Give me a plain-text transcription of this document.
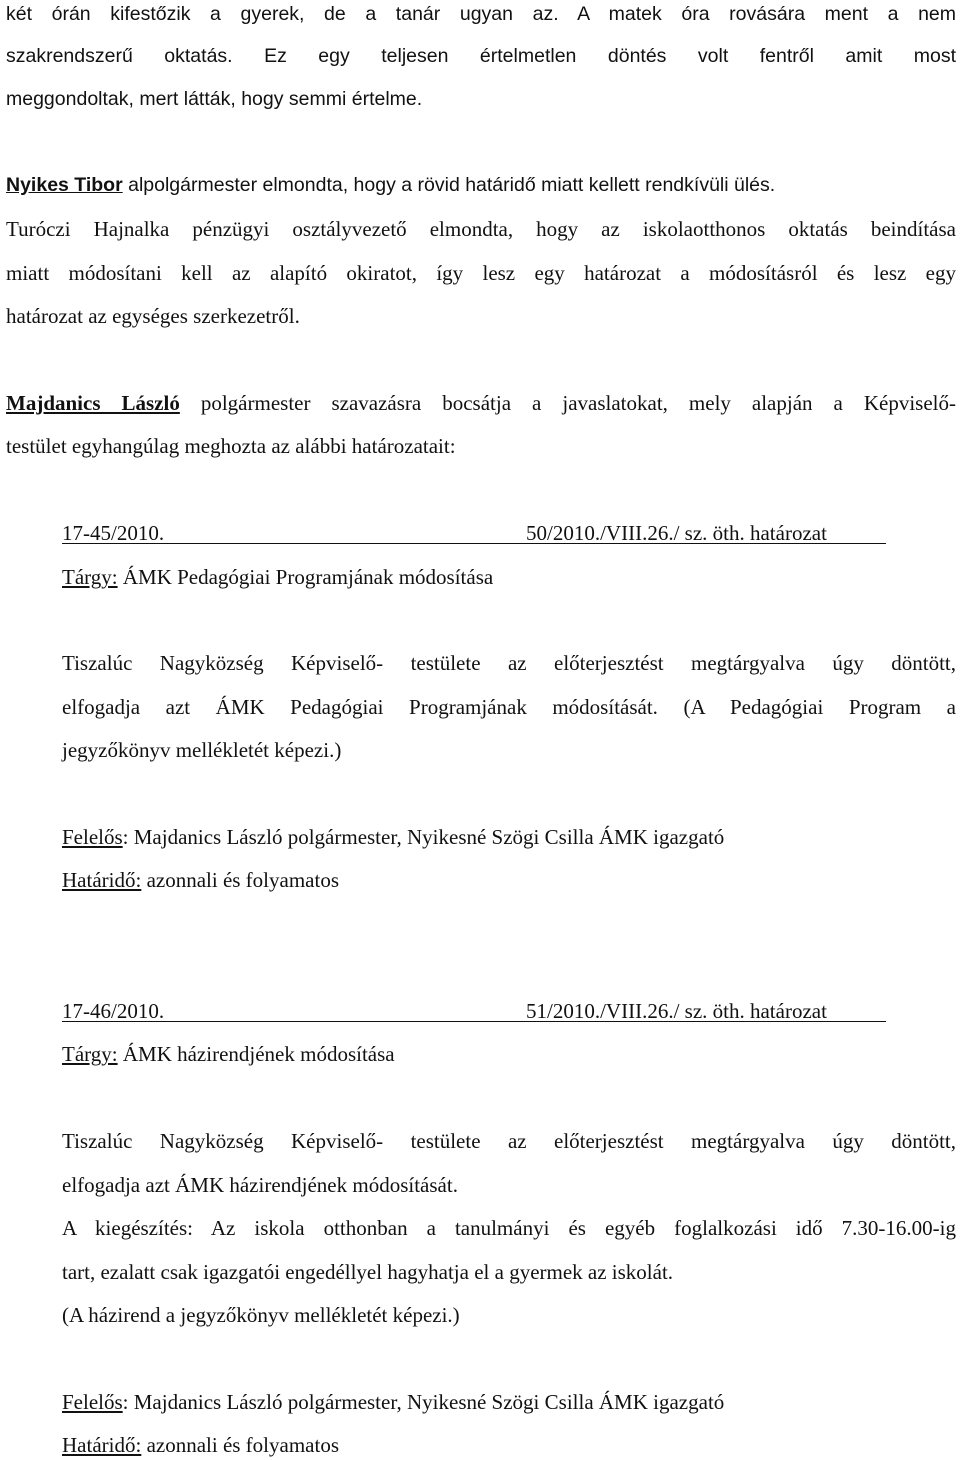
két órán kifestőzik a gyerek, de a tanár ugyan az. A matek óra rovására ment a nem
szakrendszerű oktatás. Ez egy teljesen értelmetlen döntés volt fentről amit most
meggondoltak, mert látták, hogy semmi értelme.
Nyikes Tibor alpolgármester elmondta, hogy a rövid határidő miatt kellett rendkívüli ülés.
Turóczi Hajnalka pénzügyi osztályvezető elmondta, hogy az iskolaotthonos oktatás beindítása
miatt módosítani kell az alapító okiratot, így lesz egy határozat a módosításról és lesz egy
határozat az egységes szerkezetről.
Majdanics László polgármester szavazásra bocsátja a javaslatokat, mely alapján a Képviselő-
testület egyhangúlag meghozta az alábbi határozatait:
17-45/2010.	50/2010./VIII.26./ sz. öth. határozat
Tárgy: ÁMK Pedagógiai Programjának módosítása
Tiszalúc Nagyközség Képviselő- testülete az előterjesztést megtárgyalva úgy döntött,
elfogadja azt ÁMK Pedagógiai Programjának módosítását. (A Pedagógiai Program a
jegyzőkönyv mellékletét képezi.)
Felelős: Majdanics László polgármester, Nyikesné Szögi Csilla ÁMK igazgató
Határidő: azonnali és folyamatos
17-46/2010.	51/2010./VIII.26./ sz. öth. határozat
Tárgy: ÁMK házirendjének módosítása
Tiszalúc Nagyközség Képviselő- testülete az előterjesztést megtárgyalva úgy döntött,
elfogadja azt ÁMK házirendjének módosítását.
A kiegészítés: Az iskola otthonban a tanulmányi és egyéb foglalkozási idő 7.30-16.00-ig
tart, ezalatt csak igazgatói engedéllyel hagyhatja el a gyermek az iskolát.
(A házirend a jegyzőkönyv mellékletét képezi.)
Felelős: Majdanics László polgármester, Nyikesné Szögi Csilla ÁMK igazgató
Határidő: azonnali és folyamatos
